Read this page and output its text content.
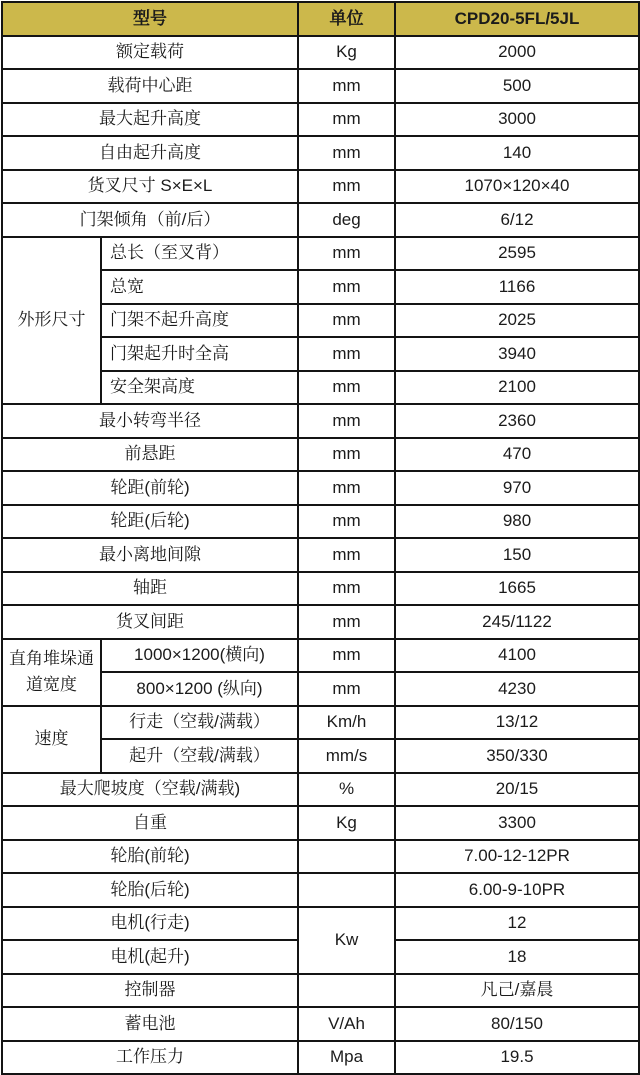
型号		单位	CPD20-5FL/5JL
额定载荷		Kg	2000
载荷中心距		mm	500
最大起升高度		mm	3000
自由起升高度		mm	140
货叉尺寸 S×E×L		mm	1070×120×40
门架倾角（前/后）		deg	6/12
外形尺寸	总长（至叉背）	mm	2595
	总宽	mm	1166
	门架不起升高度	mm	2025
	门架起升时全高	mm	3940
	安全架高度	mm	2100
最小转弯半径		mm	2360
前悬距		mm	470
轮距(前轮)		mm	970
轮距(后轮)		mm	980
最小离地间隙		mm	150
轴距		mm	1665
货叉间距		mm	245/1122
直角堆垛通道宽度	1000×1200(横向)	mm	4100
	800×1200 (纵向)	mm	4230
速度	行走（空载/满载）	Km/h	13/12
	起升（空载/满载）	mm/s	350/330
最大爬坡度（空载/满载)		%	20/15
自重		Kg	3300
轮胎(前轮)			7.00-12-12PR
轮胎(后轮)			6.00-9-10PR
电机(行走)		Kw	12
电机(起升)			18
控制器			凡己/嘉晨
蓄电池		V/Ah	80/150
工作压力		Mpa	19.5
